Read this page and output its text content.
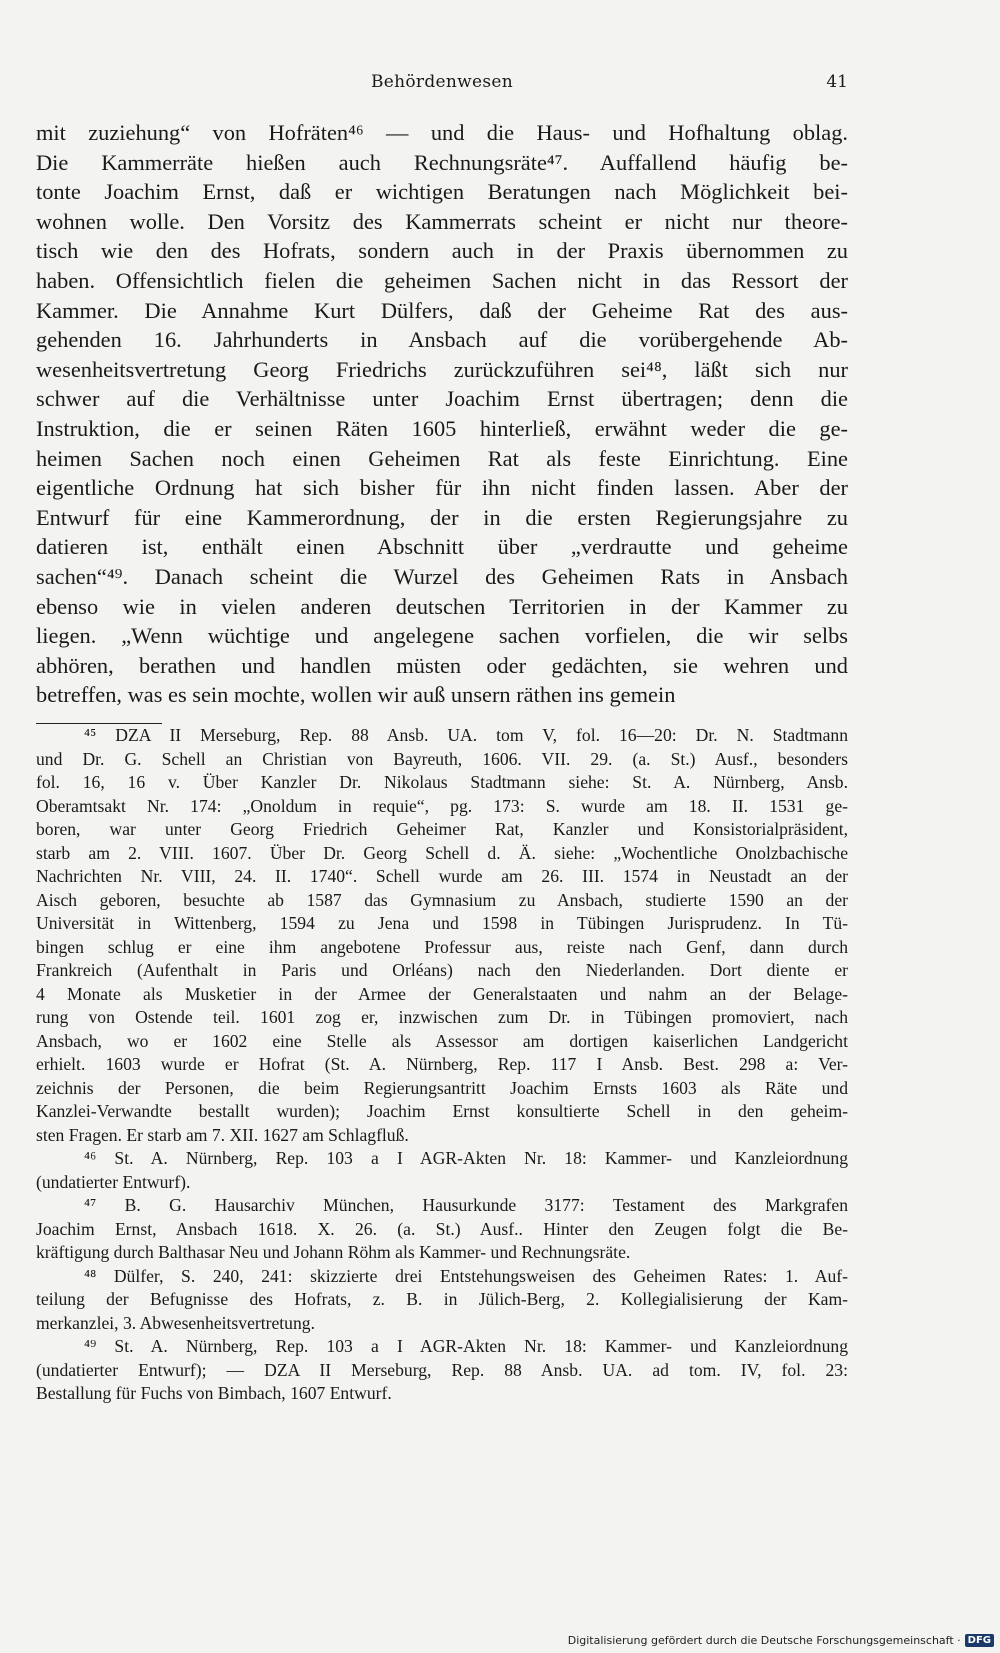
Behördenwesen	41
mit zuziehung“ von Hofräten⁴⁶ — und die Haus- und Hofhaltung oblag.
Die Kammerräte hießen auch Rechnungsräte⁴⁷. Auffallend häufig be-
tonte Joachim Ernst, daß er wichtigen Beratungen nach Möglichkeit bei-
wohnen wolle. Den Vorsitz des Kammerrats scheint er nicht nur theore-
tisch wie den des Hofrats, sondern auch in der Praxis übernommen zu
haben. Offensichtlich fielen die geheimen Sachen nicht in das Ressort der
Kammer. Die Annahme Kurt Dülfers, daß der Geheime Rat des aus-
gehenden 16. Jahrhunderts in Ansbach auf die vorübergehende Ab-
wesenheitsvertretung Georg Friedrichs zurückzuführen sei⁴⁸, läßt sich nur
schwer auf die Verhältnisse unter Joachim Ernst übertragen; denn die
Instruktion, die er seinen Räten 1605 hinterließ, erwähnt weder die ge-
heimen Sachen noch einen Geheimen Rat als feste Einrichtung. Eine
eigentliche Ordnung hat sich bisher für ihn nicht finden lassen. Aber der
Entwurf für eine Kammerordnung, der in die ersten Regierungsjahre zu
datieren ist, enthält einen Abschnitt über „verdrautte und geheime
sachen“⁴⁹. Danach scheint die Wurzel des Geheimen Rats in Ansbach
ebenso wie in vielen anderen deutschen Territorien in der Kammer zu
liegen. „Wenn wüchtige und angelegene sachen vorfielen, die wir selbs
abhören, berathen und handlen müsten oder gedächten, sie wehren und
betreffen, was es sein mochte, wollen wir auß unsern räthen ins gemein
⁴⁵ DZA II Merseburg, Rep. 88 Ansb. UA. tom V, fol. 16—20: Dr. N. Stadtmann
und Dr. G. Schell an Christian von Bayreuth, 1606. VII. 29. (a. St.) Ausf., besonders
fol. 16, 16 v. Über Kanzler Dr. Nikolaus Stadtmann siehe: St. A. Nürnberg, Ansb.
Oberamtsakt Nr. 174: „Onoldum in requie“, pg. 173: S. wurde am 18. II. 1531 ge-
boren, war unter Georg Friedrich Geheimer Rat, Kanzler und Konsistorialpräsident,
starb am 2. VIII. 1607. Über Dr. Georg Schell d. Ä. siehe: „Wochentliche Onolzbachische
Nachrichten Nr. VIII, 24. II. 1740“. Schell wurde am 26. III. 1574 in Neustadt an der
Aisch geboren, besuchte ab 1587 das Gymnasium zu Ansbach, studierte 1590 an der
Universität in Wittenberg, 1594 zu Jena und 1598 in Tübingen Jurisprudenz. In Tü-
bingen schlug er eine ihm angebotene Professur aus, reiste nach Genf, dann durch
Frankreich (Aufenthalt in Paris und Orléans) nach den Niederlanden. Dort diente er
4 Monate als Musketier in der Armee der Generalstaaten und nahm an der Belage-
rung von Ostende teil. 1601 zog er, inzwischen zum Dr. in Tübingen promoviert, nach
Ansbach, wo er 1602 eine Stelle als Assessor am dortigen kaiserlichen Landgericht
erhielt. 1603 wurde er Hofrat (St. A. Nürnberg, Rep. 117 I Ansb. Best. 298 a: Ver-
zeichnis der Personen, die beim Regierungsantritt Joachim Ernsts 1603 als Räte und
Kanzlei-Verwandte bestallt wurden); Joachim Ernst konsultierte Schell in den geheim-
sten Fragen. Er starb am 7. XII. 1627 am Schlagfluß.
⁴⁶ St. A. Nürnberg, Rep. 103 a I AGR-Akten Nr. 18: Kammer- und Kanzleiordnung
(undatierter Entwurf).
⁴⁷ B. G. Hausarchiv München, Hausurkunde 3177: Testament des Markgrafen
Joachim Ernst, Ansbach 1618. X. 26. (a. St.) Ausf.. Hinter den Zeugen folgt die Be-
kräftigung durch Balthasar Neu und Johann Röhm als Kammer- und Rechnungsräte.
⁴⁸ Dülfer, S. 240, 241: skizzierte drei Entstehungsweisen des Geheimen Rates: 1. Auf-
teilung der Befugnisse des Hofrats, z. B. in Jülich-Berg, 2. Kollegialisierung der Kam-
merkanzlei, 3. Abwesenheitsvertretung.
⁴⁹ St. A. Nürnberg, Rep. 103 a I AGR-Akten Nr. 18: Kammer- und Kanzleiordnung
(undatierter Entwurf); — DZA II Merseburg, Rep. 88 Ansb. UA. ad tom. IV, fol. 23:
Bestallung für Fuchs von Bimbach, 1607 Entwurf.
Digitalisierung gefördert durch die Deutsche Forschungsgemeinschaft · DFG
